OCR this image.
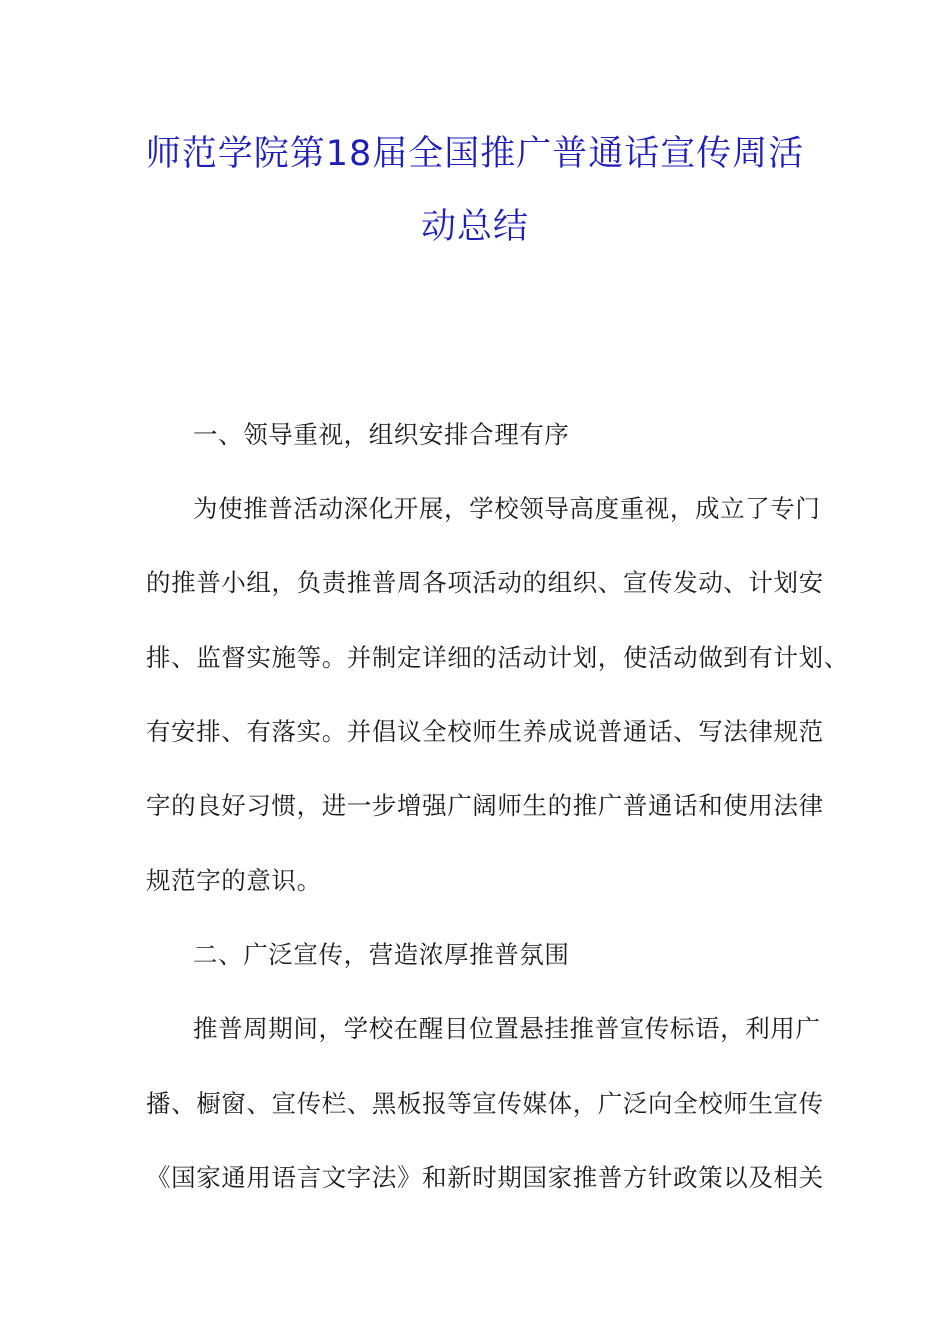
师范学院第18届全国推广普通话宣传周活
动总结
一、领导重视，组织安排合理有序
为使推普活动深化开展，学校领导高度重视，成立了专门
的推普小组，负责推普周各项活动的组织、宣传发动、计划安
排、监督实施等。并制定详细的活动计划，使活动做到有计划、
有安排、有落实。并倡议全校师生养成说普通话、写法律规范
字的良好习惯，进一步增强广阔师生的推广普通话和使用法律
规范字的意识。
二、广泛宣传，营造浓厚推普氛围
推普周期间，学校在醒目位置悬挂推普宣传标语，利用广
播、橱窗、宣传栏、黑板报等宣传媒体，广泛向全校师生宣传
《国家通用语言文字法》和新时期国家推普方针政策以及相关
